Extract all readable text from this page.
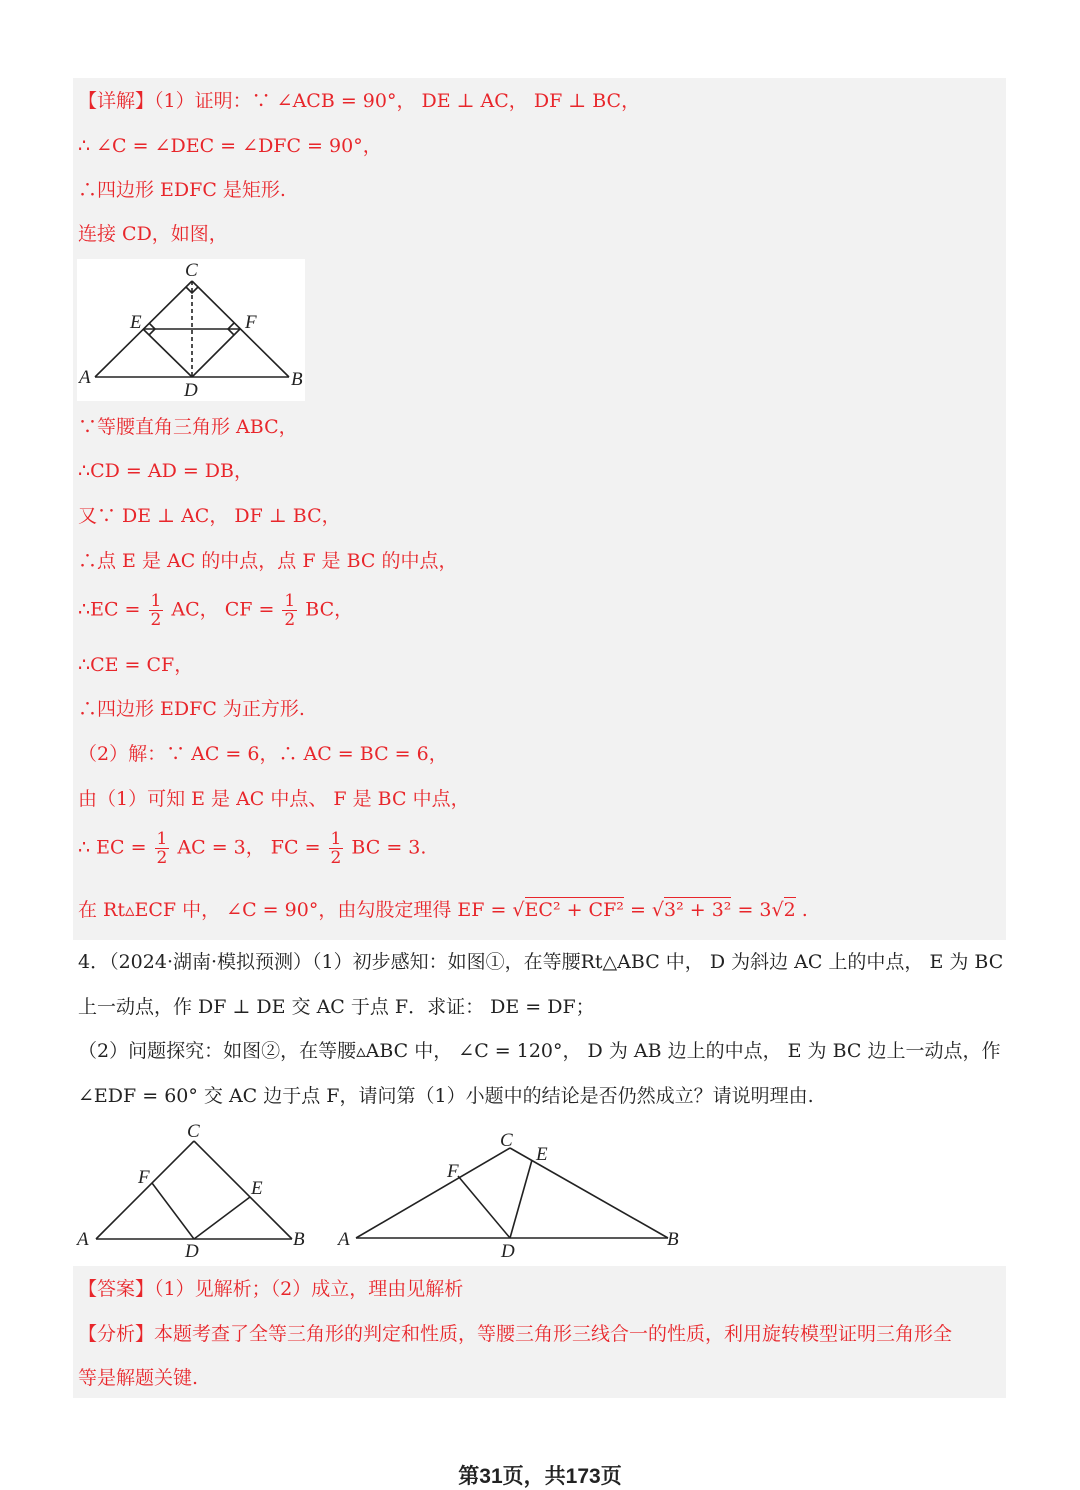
【详解】（1）证明：∵ ∠ACB = 90°， DE ⊥ AC， DF ⊥ BC，
∴ ∠C = ∠DEC = ∠DFC = 90°，
∴四边形 EDFC 是矩形.
连接 CD，如图，
C
E	F
A
D
B
∵等腰直角三角形 ABC，
∴CD = AD = DB，
又∵ DE ⊥ AC， DF ⊥ BC，
∴点 E 是 AC 的中点，点 F 是 BC 的中点，
∴EC = $\frac{1}{2}$ AC， CF = $\frac{1}{2}$ BC，
∴CE = CF，
∴四边形 EDFC 为正方形.
（2）解：∵ AC = 6，∴ AC = BC = 6，
由（1）可知 E 是 AC 中点、 F 是 BC 中点，
∴ EC = $\frac{1}{2}$ AC = 3， FC = $\frac{1}{2}$ BC = 3.
在 Rt▵ECF 中， ∠C = 90°，由勾股定理得 EF = √EC² + CF² = √3² + 3² = 3√2 .
4．（2024·湖南·模拟预测）（1）初步感知：如图①，在等腰Rt△ABC 中， D 为斜边 AC 上的中点， E 为 BC
上一动点，作 DF ⊥ DE 交 AC 于点 F．求证： DE = DF；
（2）问题探究：如图②，在等腰▵ABC 中， ∠C = 120°， D 为 AB 边上的中点， E 为 BC 边上一动点，作
∠EDF = 60° 交 AC 边于点 F，请问第（1）小题中的结论是否仍然成立？请说明理由.
C
F
E
A
D
B
C
E
F
A
D
B
【答案】（1）见解析；（2）成立，理由见解析
【分析】本题考查了全等三角形的判定和性质，等腰三角形三线合一的性质，利用旋转模型证明三角形全
等是解题关键.
第31页，共173页
